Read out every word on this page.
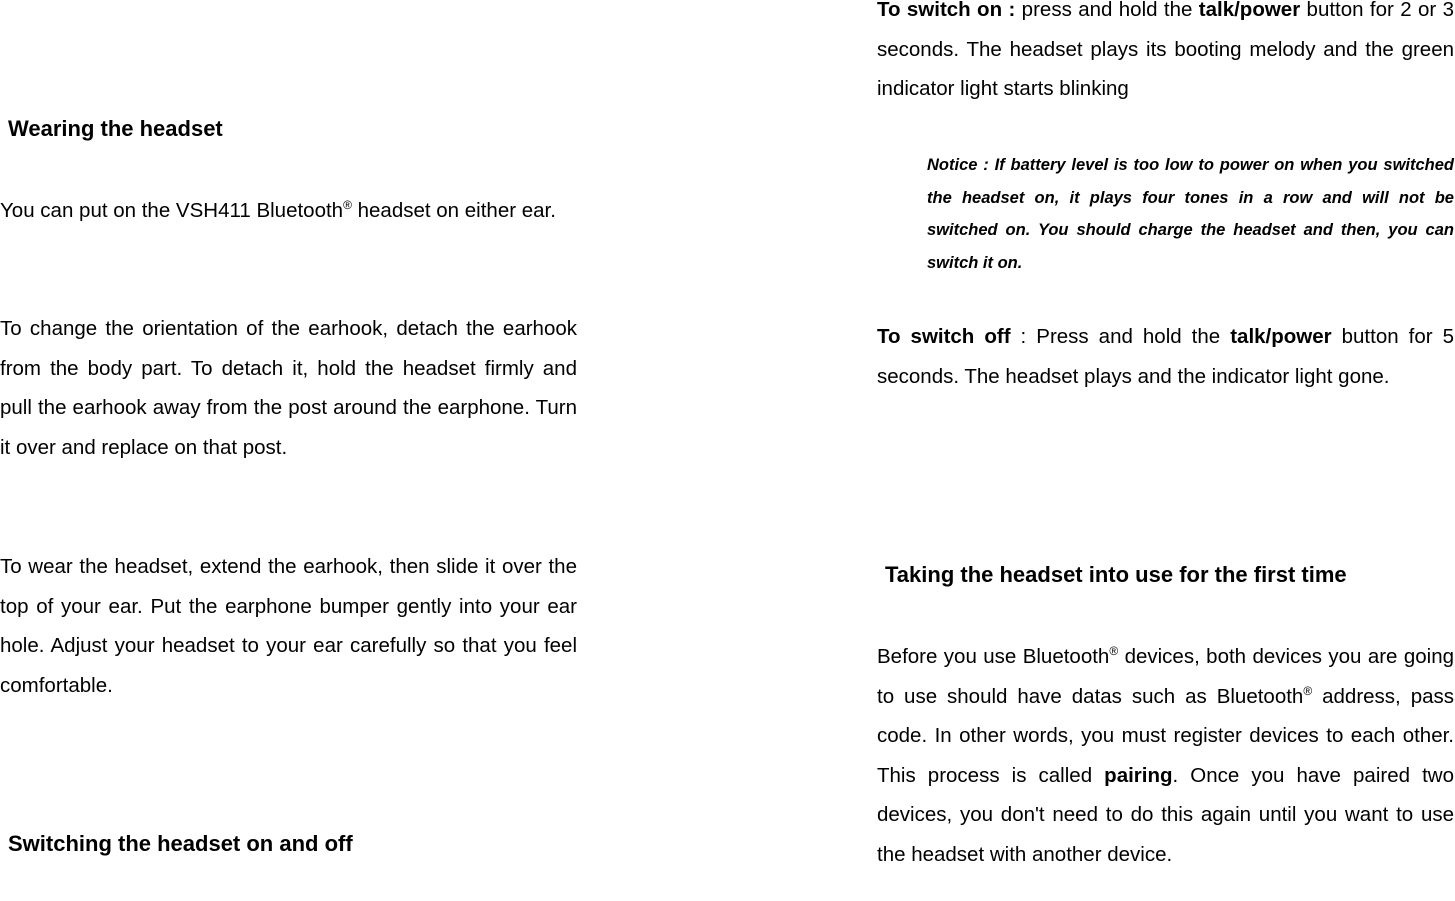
Wearing the headset

You can put on the VSH411 Bluetooth® headset on either ear.

To change the orientation of the earhook, detach the earhook from the body part. To detach it, hold the headset firmly and pull the earhook away from the post around the earphone. Turn it over and replace on that post.

To wear the headset, extend the earhook, then slide it over the top of your ear. Put the earphone bumper gently into your ear hole. Adjust your headset to your ear carefully so that you feel comfortable.

Switching the headset on and off

To switch on : press and hold the talk/power button for 2 or 3 seconds. The headset plays its booting melody and the green indicator light starts blinking

Notice : If battery level is too low to power on when you switched the headset on, it plays four tones in a row and will not be switched on. You should charge the headset and then, you can switch it on.

To switch off : Press and hold the talk/power button for 5 seconds. The headset plays and the indicator light gone.

Taking the headset into use for the first time

Before you use Bluetooth® devices, both devices you are going to use should have datas such as Bluetooth® address, pass code. In other words, you must register devices to each other. This process is called pairing. Once you have paired two devices, you don't need to do this again until you want to use the headset with another device.
